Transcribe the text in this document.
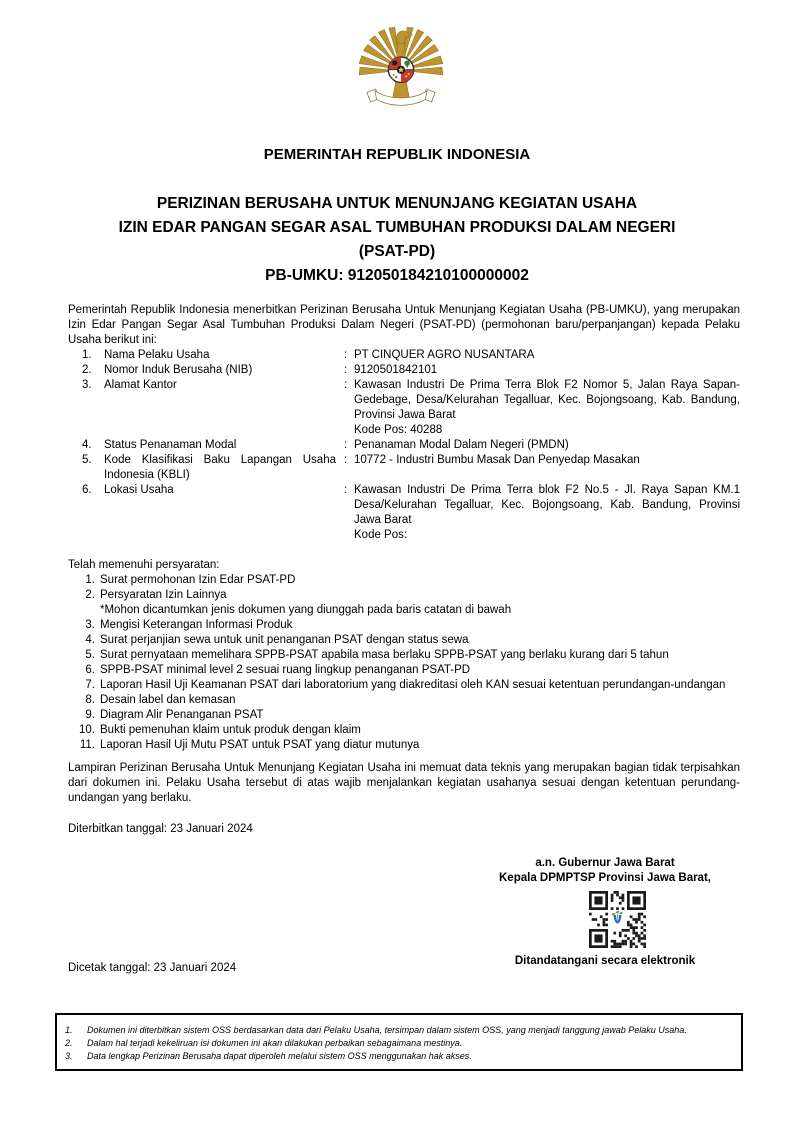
PEMERINTAH REPUBLIK INDONESIA
PERIZINAN BERUSAHA UNTUK MENUNJANG KEGIATAN USAHA
IZIN EDAR PANGAN SEGAR ASAL TUMBUHAN PRODUKSI DALAM NEGERI
(PSAT-PD)
PB-UMKU: 912050184210100000002

Pemerintah Republik Indonesia menerbitkan Perizinan Berusaha Untuk Menunjang Kegiatan Usaha (PB-UMKU), yang merupakan Izin Edar Pangan Segar Asal Tumbuhan Produksi Dalam Negeri (PSAT-PD) (permohonan baru/perpanjangan) kepada Pelaku Usaha berikut ini:

1.	Nama Pelaku Usaha	: PT CINQUER AGRO NUSANTARA
2.	Nomor Induk Berusaha (NIB)	: 9120501842101
3.	Alamat Kantor	: Kawasan Industri De Prima Terra Blok F2 Nomor 5, Jalan Raya Sapan-Gedebage, Desa/Kelurahan Tegalluar, Kec. Bojongsoang, Kab. Bandung, Provinsi Jawa Barat
Kode Pos: 40288
4.	Status Penanaman Modal	: Penanaman Modal Dalam Negeri (PMDN)
5.	Kode Klasifikasi Baku Lapangan Usaha Indonesia (KBLI)
: 10772 - Industri Bumbu Masak Dan Penyedap Masakan
6.	Lokasi Usaha	: Kawasan Industri De Prima Terra blok F2 No.5 - Jl. Raya Sapan KM.1 Desa/Kelurahan Tegalluar, Kec. Bojongsoang, Kab. Bandung, Provinsi Jawa Barat
Kode Pos:
Telah memenuhi persyaratan:
1. Surat permohonan Izin Edar PSAT-PD
2. Persyaratan Izin Lainnya
*Mohon dicantumkan jenis dokumen yang diunggah pada baris catatan di bawah
3. Mengisi Keterangan Informasi Produk
4. Surat perjanjian sewa untuk unit penanganan PSAT dengan status sewa
5. Surat pernyataan memelihara SPPB-PSAT apabila masa berlaku SPPB-PSAT yang berlaku kurang dari 5 tahun
6. SPPB-PSAT minimal level 2 sesuai ruang lingkup penanganan PSAT-PD
7. Laporan Hasil Uji Keamanan PSAT dari laboratorium yang diakreditasi oleh KAN sesuai ketentuan perundangan-undangan
8. Desain label dan kemasan
9. Diagram Alir Penanganan PSAT
10. Bukti pemenuhan klaim untuk produk dengan klaim
11. Laporan Hasil Uji Mutu PSAT untuk PSAT yang diatur mutunya

Lampiran Perizinan Berusaha Untuk Menunjang Kegiatan Usaha ini memuat data teknis yang merupakan bagian tidak terpisahkan dari dokumen ini. Pelaku Usaha tersebut di atas wajib menjalankan kegiatan usahanya sesuai dengan ketentuan perundang-undangan yang berlaku.

Diterbitkan tanggal: 23 Januari 2024
a.n. Gubernur Jawa Barat
Kepala DPMPTSP Provinsi Jawa Barat,
Ditandatangani secara elektronik
Dicetak tanggal: 23 Januari 2024
1.	Dokumen ini diterbitkan sistem OSS berdasarkan data dari Pelaku Usaha, tersimpan dalam sistem OSS, yang menjadi tanggung jawab Pelaku Usaha.
2.	Dalam hal terjadi kekeliruan isi dokumen ini akan dilakukan perbaikan sebagaimana mestinya.
3.	Data lengkap Perizinan Berusaha dapat diperoleh melalui sistem OSS menggunakan hak akses.
